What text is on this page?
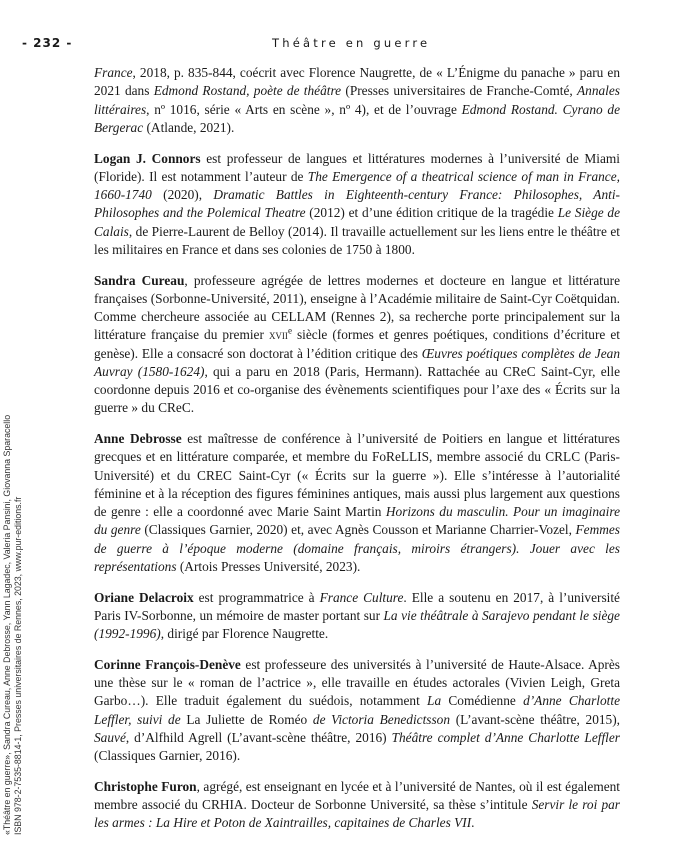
- 232 -	Théâtre en guerre
«Théâtre en guerre», Sandra Cureau, Anne Debrosse, Yann Lagadec, Valeria Pansini, Giovanna Sparacello ISBN 978-2-7535-8814-1, Presses universitaires de Rennes, 2023, www.pur-editions.fr

France, 2018, p. 835-844, coécrit avec Florence Naugrette, de « L’Énigme du panache » paru en 2021 dans Edmond Rostand, poète de théâtre (Presses universitaires de Franche-Comté, Annales littéraires, nº 1016, série « Arts en scène », nº 4), et de l’ouvrage Edmond Rostand. Cyrano de Bergerac (Atlande, 2021).

Logan J. Connors est professeur de langues et littératures modernes à l’université de Miami (Floride). Il est notamment l’auteur de The Emergence of a theatrical science of man in France, 1660-1740 (2020), Dramatic Battles in Eighteenth-century France: Philosophes, Anti-Philosophes and the Polemical Theatre (2012) et d’une édition critique de la tragédie Le Siège de Calais, de Pierre-Laurent de Belloy (2014). Il travaille actuellement sur les liens entre le théâtre et les militaires en France et dans ses colonies de 1750 à 1800.

Sandra Cureau, professeure agrégée de lettres modernes et docteure en langue et littérature françaises (Sorbonne-Université, 2011), enseigne à l’Académie militaire de Saint-Cyr Coëtquidan. Comme chercheure associée au CELLAM (Rennes 2), sa recherche porte principalement sur la littérature française du premier xvii$^e$ siècle (formes et genres poétiques, conditions d’écriture et genèse). Elle a consacré son doctorat à l’édition critique des Œuvres poétiques complètes de Jean Auvray (1580-1624), qui a paru en 2018 (Paris, Hermann). Rattachée au CReC Saint-Cyr, elle coordonne depuis 2016 et co-organise des évènements scientifiques pour l’axe des « Écrits sur la guerre » du CReC.

Anne Debrosse est maîtresse de conférence à l’université de Poitiers en langue et littératures grecques et en littérature comparée, et membre du FoReLLIS, membre associé du CRLC (Paris-Université) et du CREC Saint-Cyr (« Écrits sur la guerre »). Elle s’intéresse à l’autorialité féminine et à la réception des figures féminines antiques, mais aussi plus largement aux questions de genre : elle a coordonné avec Marie Saint Martin Horizons du masculin. Pour un imaginaire du genre (Classiques Garnier, 2020) et, avec Agnès Cousson et Marianne Charrier-Vozel, Femmes de guerre à l’époque moderne (domaine français, miroirs étrangers). Jouer avec les représentations (Artois Presses Université, 2023).

Oriane Delacroix est programmatrice à France Culture. Elle a soutenu en 2017, à l’université Paris IV-Sorbonne, un mémoire de master portant sur La vie théâtrale à Sarajevo pendant le siège (1992-1996), dirigé par Florence Naugrette.

Corinne François-Denève est professeure des universités à l’université de Haute-Alsace. Après une thèse sur le « roman de l’actrice », elle travaille en études actorales (Vivien Leigh, Greta Garbo…). Elle traduit également du suédois, notamment La Comédienne d’Anne Charlotte Leffler, suivi de La Juliette de Roméo de Victoria Benedictsson (L’avant-scène théâtre, 2015), Sauvé, d’Alfhild Agrell (L’avant-scène théâtre, 2016) Théâtre complet d’Anne Charlotte Leffler (Classiques Garnier, 2016).

Christophe Furon, agrégé, est enseignant en lycée et à l’université de Nantes, où il est également membre associé du CRHIA. Docteur de Sorbonne Université, sa thèse s’intitule Servir le roi par les armes : La Hire et Poton de Xaintrailles, capitaines de Charles VII.
